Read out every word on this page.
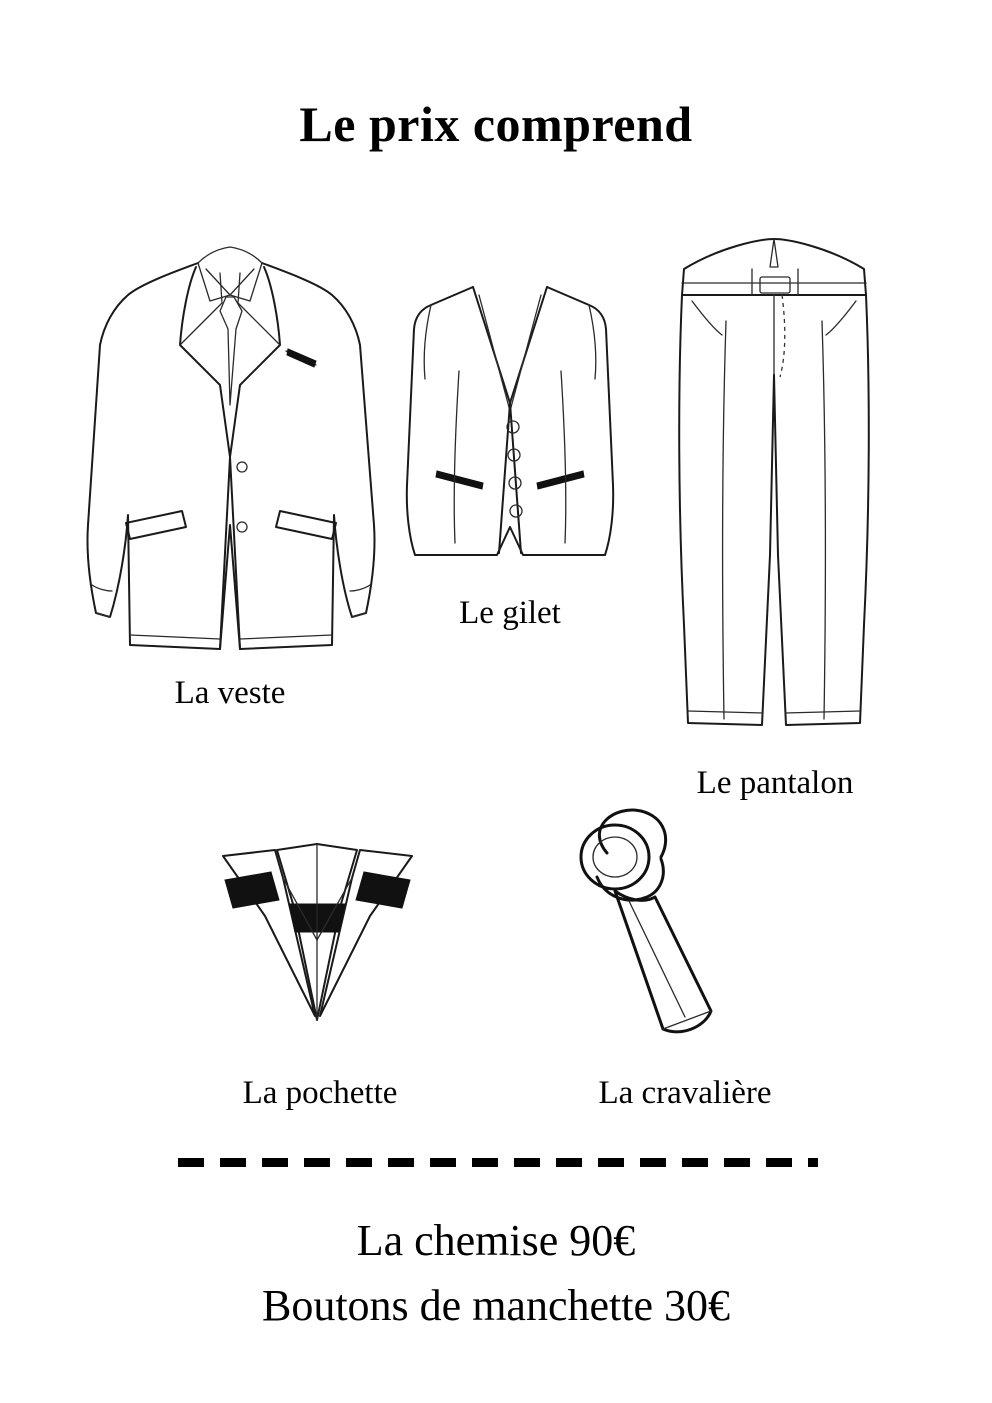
Le prix comprend
La veste
Le gilet
Le pantalon
La pochette	La cravalière
La chemise 90€
Boutons de manchette 30€
